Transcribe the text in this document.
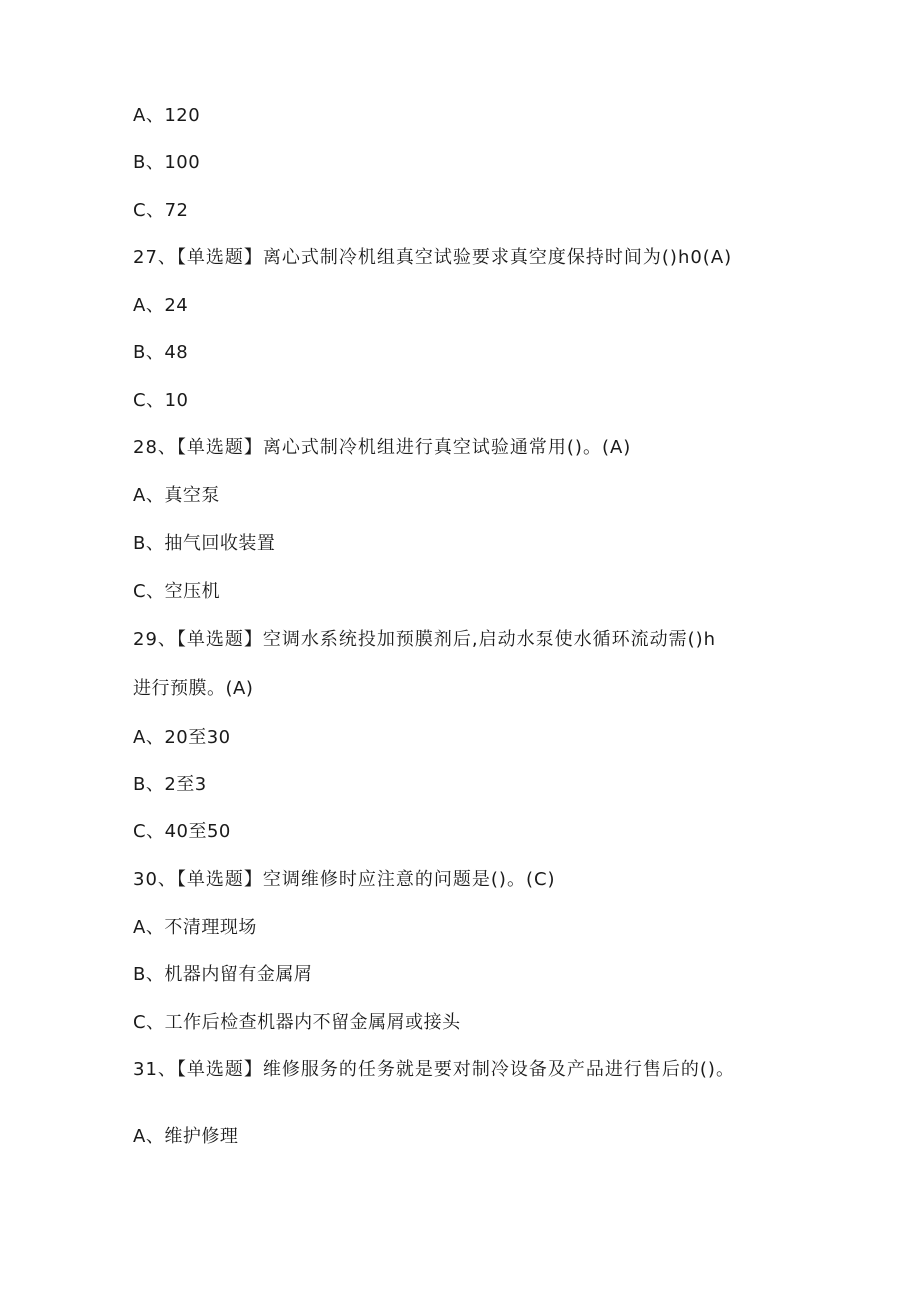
A、120
B、100
C、72
27、【单选题】离心式制冷机组真空试验要求真空度保持时间为()h0(A)
A、24
B、48
C、10
28、【单选题】离心式制冷机组进行真空试验通常用()。(A)
A、真空泵
B、抽气回收装置
C、空压机
29、【单选题】空调水系统投加预膜剂后,启动水泵使水循环流动需()h
进行预膜。(A)
A、20至30
B、2至3
C、40至50
30、【单选题】空调维修时应注意的问题是()。(C)
A、不清理现场
B、机器内留有金属屑
C、工作后检查机器内不留金属屑或接头
31、【单选题】维修服务的任务就是要对制冷设备及产品进行售后的()。
A、维护修理
